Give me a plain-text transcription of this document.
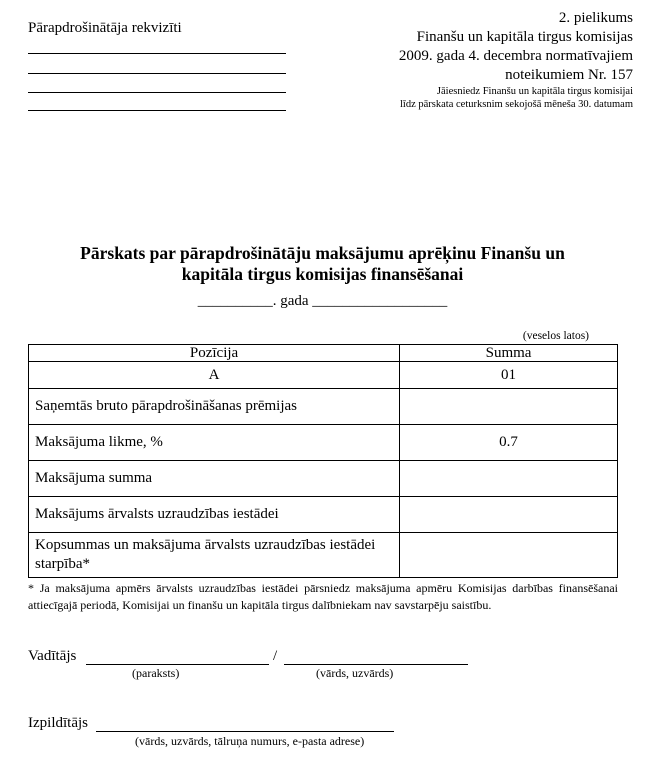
Pārapdrošinātāja rekvizīti
2. pielikums
Finanšu un kapitāla tirgus komisijas
2009. gada 4. decembra normatīvajiem
noteikumiem Nr. 157
Jāiesniedz Finanšu un kapitāla tirgus komisijai
līdz pārskata ceturksnim sekojošā mēneša 30. datumam
Pārskats par pārapdrošinātāju maksājumu aprēķinu Finanšu un
kapitāla tirgus komisijas finansēšanai
__________. gada __________________
(veselos latos)
Pozīcija	Summa
A	01
Saņemtās bruto pārapdrošināšanas prēmijas	
Maksājuma likme, %	0.7
Maksājuma summa	
Maksājums ārvalsts uzraudzības iestādei	
Kopsummas un maksājuma ārvalsts uzraudzības iestādei starpība*	
* Ja maksājuma apmērs ārvalsts uzraudzības iestādei pārsniedz maksājuma apmēru Komisijas darbības finansēšanai attiecīgajā periodā, Komisijai un finanšu un kapitāla tirgus dalībniekam nav savstarpēju saistību.
Vadītājs	/
(paraksts)	(vārds, uzvārds)
Izpildītājs
(vārds, uzvārds, tālruņa numurs, e-pasta adrese)
